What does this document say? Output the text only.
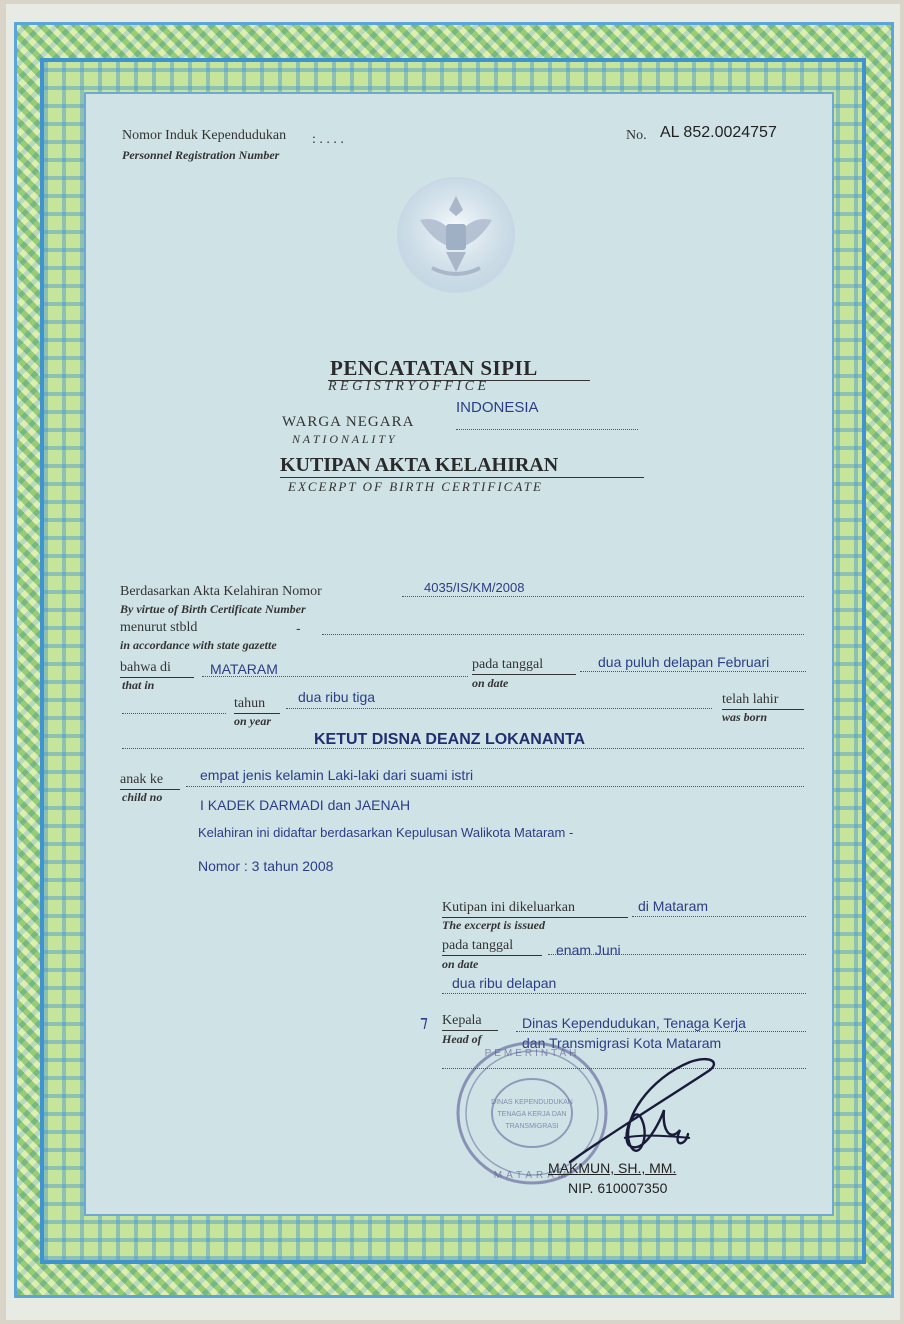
Nomor Induk Kependudukan
Personnel Registration Number
: . . . .	No. AL 852.0024757
PENCATATAN SIPIL
R E G I S T R Y O F F I C E
WARGA NEGARA
N A T I O N A L I T Y
INDONESIA
KUTIPAN AKTA KELAHIRAN
EXCERPT OF BIRTH CERTIFICATE
Berdasarkan Akta Kelahiran Nomor
By virtue of Birth Certificate Number
4035/IS/KM/2008
menurut stbld
in accordance with state gazette
-
bahwa di
that in
MATARAM	pada tanggal
on date
dua puluh delapan Februari
tahun
on year
dua ribu tiga	telah lahir
was born
KETUT DISNA DEANZ LOKANANTA
anak ke
child no
empat jenis kelamin Laki-laki dari suami istri
I KADEK DARMADI dan JAENAH
Kelahiran ini didaftar berdasarkan Kepulusan Walikota Mataram -
Nomor : 3 tahun 2008
Kutipan ini dikeluarkan
The excerpt is issued
di Mataram
pada tanggal
on date
enam Juni
dua ribu delapan
⁊ Kepala
Head of
Dinas Kependudukan, Tenaga Kerja
dan Transmigrasi Kota Mataram
PEMERINTAH
MATARAM
DINAS KEPENDUDUKAN
TENAGA KERJA DAN
TRANSMIGRASI
MAKMUN, SH., MM.
NIP. 610007350
